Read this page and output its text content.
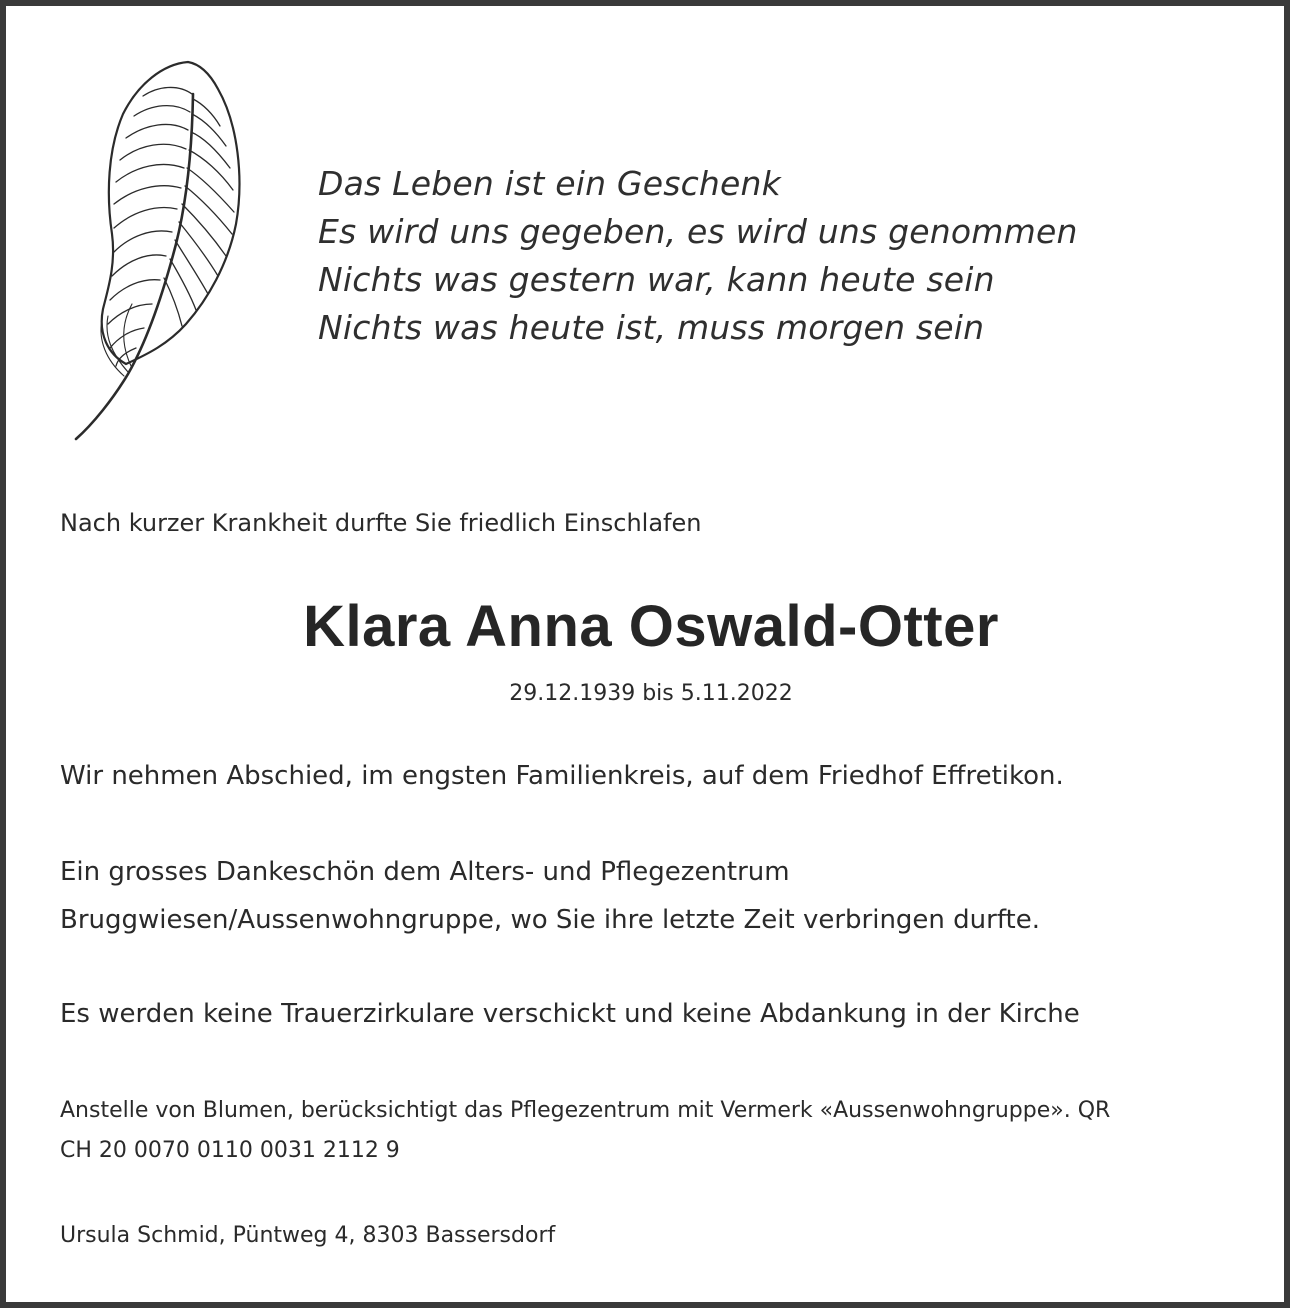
Das Leben ist ein Geschenk
Es wird uns gegeben, es wird uns genommen
Nichts was gestern war, kann heute sein
Nichts was heute ist, muss morgen sein
Nach kurzer Krankheit durfte Sie friedlich Einschlafen
Klara Anna Oswald-Otter
29.12.1939 bis 5.11.2022
Wir nehmen Abschied, im engsten Familienkreis, auf dem Friedhof Effretikon.
Ein grosses Dankeschön dem Alters- und Pflegezentrum
Bruggwiesen/Aussenwohngruppe, wo Sie ihre letzte Zeit verbringen durfte.
Es werden keine Trauerzirkulare verschickt und keine Abdankung in der Kirche
Anstelle von Blumen, berücksichtigt das Pflegezentrum mit Vermerk «Aussenwohngruppe». QR
CH 20 0070 0110 0031 2112 9
Ursula Schmid, Püntweg 4, 8303 Bassersdorf
